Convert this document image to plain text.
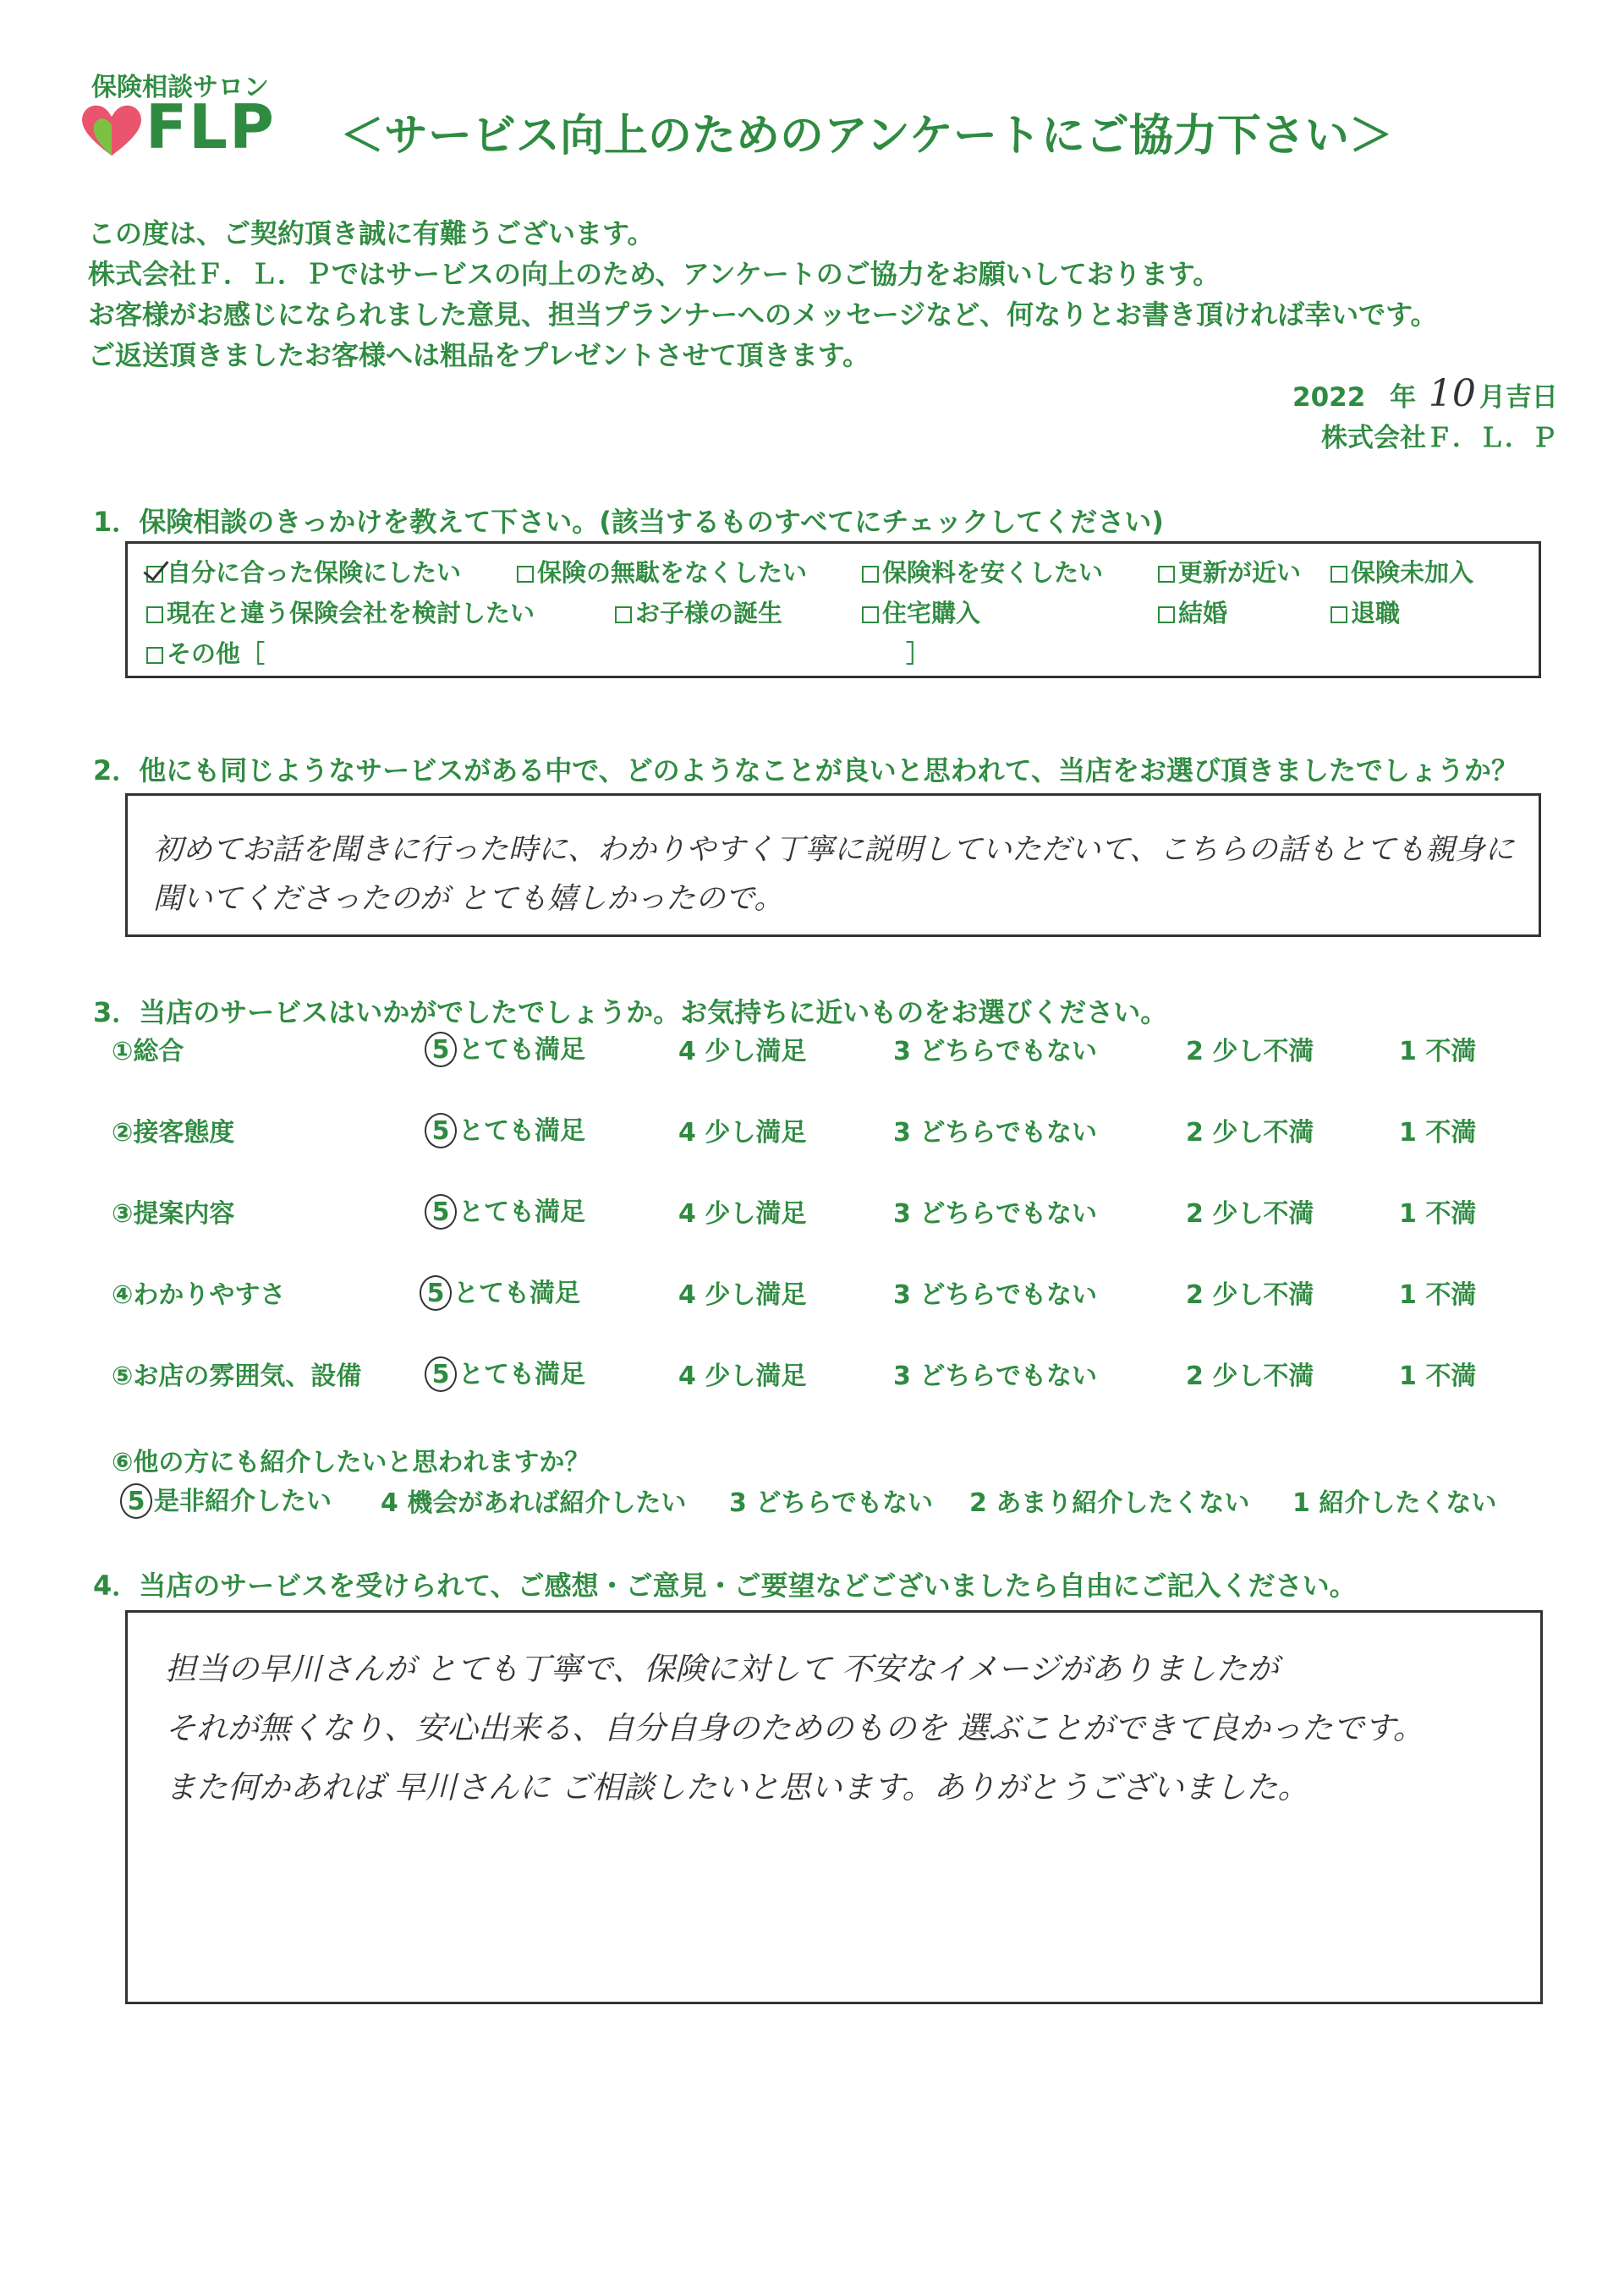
保険相談サロン
FLP ＜サービス向上のためのアンケートにご協力下さい＞
この度は、ご契約頂き誠に有難うございます。
株式会社Ｆ．Ｌ．Ｐではサービスの向上のため、アンケートのご協力をお願いしております。
お客様がお感じになられました意見、担当プランナーへのメッセージなど、何なりとお書き頂ければ幸いです。
ご返送頂きましたお客様へは粗品をプレゼントさせて頂きます。
2022 年 10 月吉日
株式会社Ｆ．Ｌ．Ｐ
1．保険相談のきっかけを教えて下さい。(該当するものすべてにチェックしてください)
自分に合った保険にしたい	保険の無駄をなくしたい	保険料を安くしたい	更新が近い	保険未加入
現在と違う保険会社を検討したい	お子様の誕生	住宅購入	結婚	退職
その他［	］
2．他にも同じようなサービスがある中で、どのようなことが良いと思われて、当店をお選び頂きましたでしょうか？
初めてお話を聞きに行った時に、わかりやすく丁寧に説明していただいて、こちらの話もとても親身に
聞いてくださったのが とても嬉しかったので。
3．当店のサービスはいかがでしたでしょうか。お気持ちに近いものをお選びください。
①総合	5 とても満足	4 少し満足	3 どちらでもない	2 少し不満	1 不満
②接客態度	5 とても満足	4 少し満足	3 どちらでもない	2 少し不満	1 不満
③提案内容	5 とても満足	4 少し満足	3 どちらでもない	2 少し不満	1 不満
④わかりやすさ	5 とても満足	4 少し満足	3 どちらでもない	2 少し不満	1 不満
⑤お店の雰囲気、設備	5 とても満足	4 少し満足	3 どちらでもない	2 少し不満	1 不満
⑥他の方にも紹介したいと思われますか？
5 是非紹介したい 4 機会があれば紹介したい 3 どちらでもない 2 あまり紹介したくない 1 紹介したくない
4．当店のサービスを受けられて、ご感想・ご意見・ご要望などございましたら自由にご記入ください。
担当の早川さんが とても丁寧で、保険に対して 不安なイメージがありましたが
それが無くなり、安心出来る、自分自身のためのものを 選ぶことができて良かったです。
また何かあれば 早川さんに ご相談したいと思います。ありがとうございました。
